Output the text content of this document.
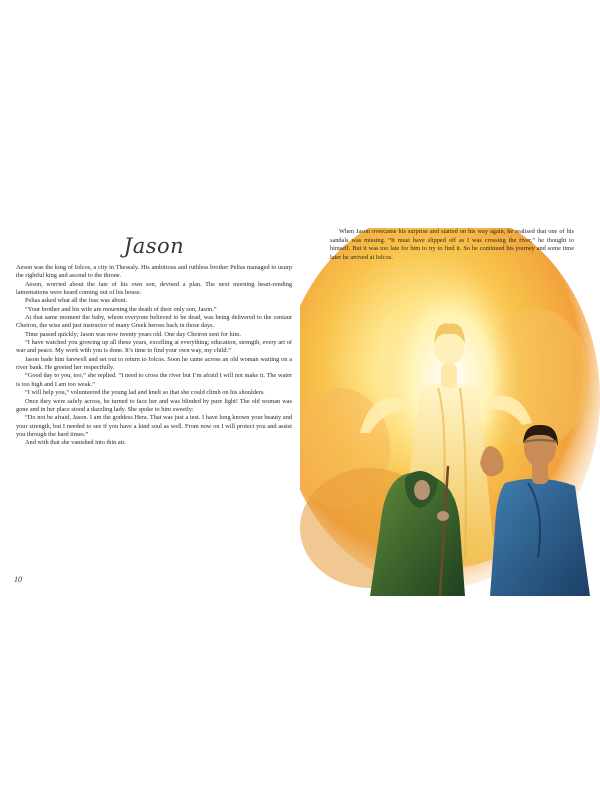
Jason

Aeson was the king of Iolcos, a city in Thessaly. His ambitious and ruthless brother Pelias managed to usurp the rightful king and ascend to the throne.

Aeson, worried about the fate of his own son, devised a plan. The next morning heart-rending lamentations were heard coming out of his house.

Pelias asked what all the fuss was about.

“Your brother and his wife are mourning the death of their only son, Jason.”

At that same moment the baby, whom everyone believed to be dead, was being delivered to the centaur Cheiron, the wise and just instructor of many Greek heroes back in those days.

Time passed quickly; Jason was now twenty years old. One day Cheiron sent for him.

“I have watched you growing up all these years, excelling at everything; education, strength, every art of war and peace. My work with you is done. It’s time to find your own way, my child.”

Jason bade him farewell and set out to return to Iolcos. Soon he came across an old woman waiting on a river bank. He greeted her respectfully.

“Good day to you, too,” she replied. “I need to cross the river but I’m afraid I will not make it. The water is too high and I am too weak.”

“I will help you,” volunteered the young lad and knelt so that she could climb on his shoulders.

Once they were safely across, he turned to face her and was blinded by pure light! The old woman was gone and in her place stood a dazzling lady. She spoke to him sweetly:

“Do not be afraid, Jason. I am the goddess Hera. That was just a test. I have long known your beauty and your strength, but I needed to see if you have a kind soul as well. From now on I will protect you and assist you through the hard times.”

And with that she vanished into thin air.

10

When Jason overcame his surprise and started on his way again, he realised that one of his sandals was missing. “It must have slipped off as I was crossing the river,” he thought to himself. But it was too late for him to try to find it. So he continued his journey and some time later he arrived at Iolcos.
